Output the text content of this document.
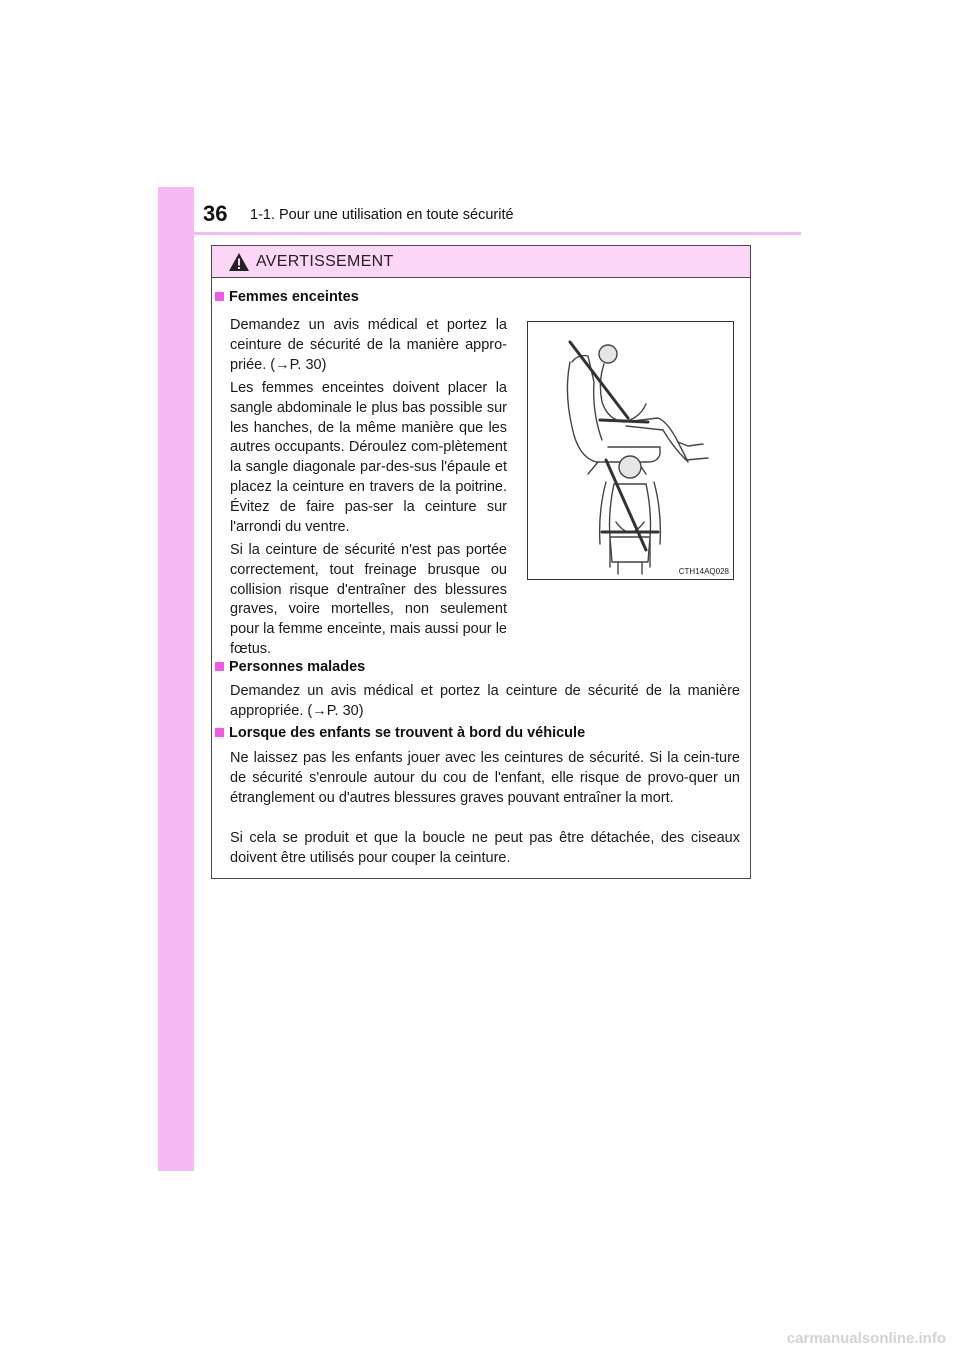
36 1-1. Pour une utilisation en toute sécurité
AVERTISSEMENT
Femmes enceintes
Demandez un avis médical et portez la ceinture de sécurité de la manière appro-priée. (→P. 30)
Les femmes enceintes doivent placer la sangle abdominale le plus bas possible sur les hanches, de la même manière que les autres occupants. Déroulez com-plètement la sangle diagonale par-des-sus l'épaule et placez la ceinture en travers de la poitrine. Évitez de faire pas-ser la ceinture sur l'arrondi du ventre.
Si la ceinture de sécurité n'est pas portée correctement, tout freinage brusque ou collision risque d'entraîner des blessures graves, voire mortelles, non seulement pour la femme enceinte, mais aussi pour le fœtus.
CTH14AQ028
Personnes malades
Demandez un avis médical et portez la ceinture de sécurité de la manière appropriée. (→P. 30)
Lorsque des enfants se trouvent à bord du véhicule
Ne laissez pas les enfants jouer avec les ceintures de sécurité. Si la cein-ture de sécurité s'enroule autour du cou de l'enfant, elle risque de provo-quer un étranglement ou d'autres blessures graves pouvant entraîner la mort.
Si cela se produit et que la boucle ne peut pas être détachée, des ciseaux doivent être utilisés pour couper la ceinture.
carmanualsonline.info
